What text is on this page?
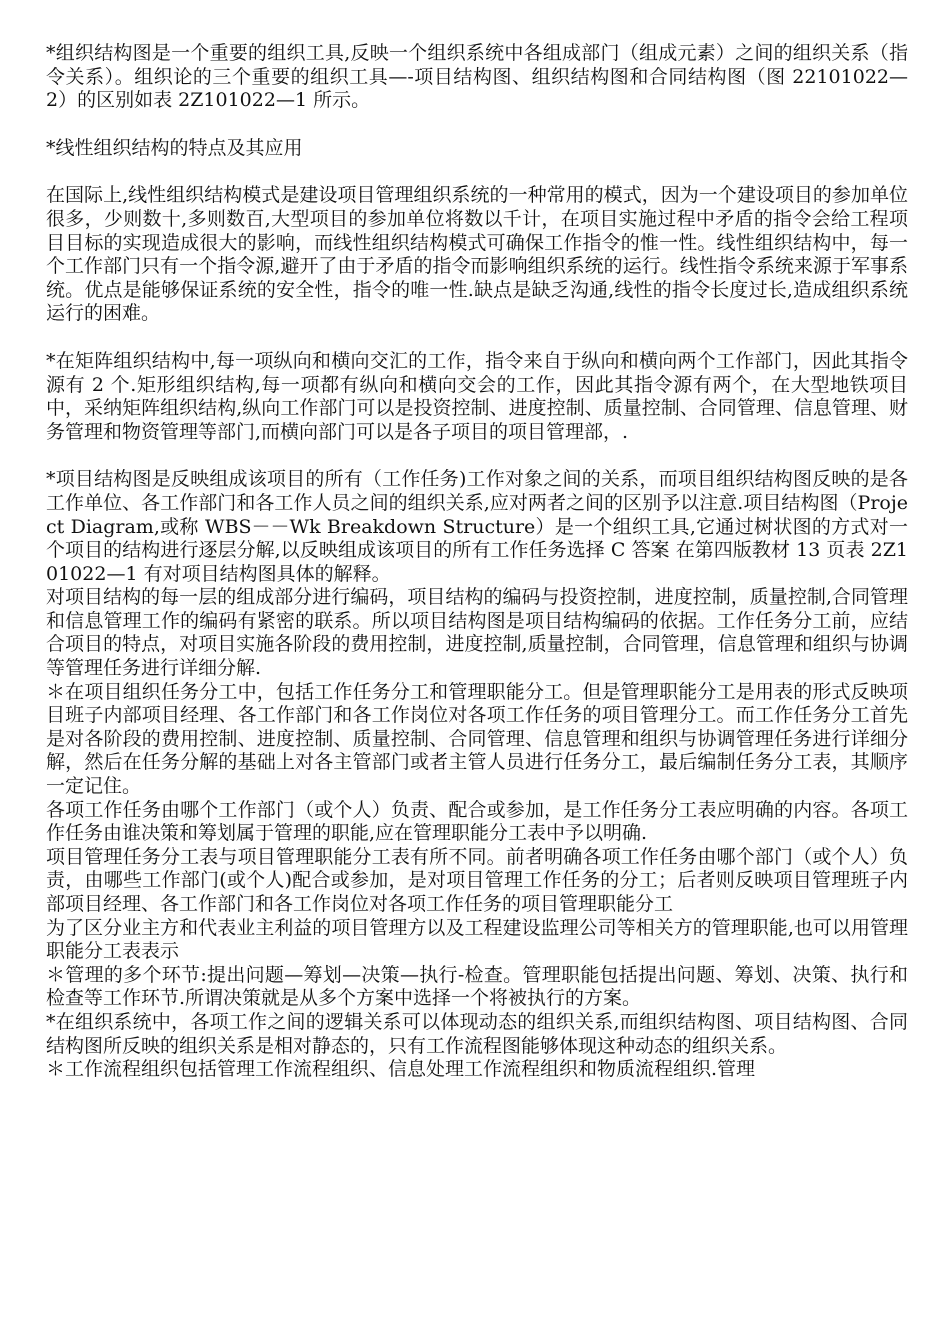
*组织结构图是一个重要的组织工具,反映一个组织系统中各组成部门（组成元素）之间的组织关系（指令关系）。组织论的三个重要的组织工具—-项目结构图、组织结构图和合同结构图（图 22101022—2）的区别如表 2Z101022—1 所示。

*线性组织结构的特点及其应用

在国际上,线性组织结构模式是建设项目管理组织系统的一种常用的模式，因为一个建设项目的参加单位很多，少则数十,多则数百,大型项目的参加单位将数以千计，在项目实施过程中矛盾的指令会给工程项目目标的实现造成很大的影响，而线性组织结构模式可确保工作指令的惟一性。线性组织结构中，每一个工作部门只有一个指令源,避开了由于矛盾的指令而影响组织系统的运行。线性指令系统来源于军事系统。优点是能够保证系统的安全性，指令的唯一性.缺点是缺乏沟通,线性的指令长度过长,造成组织系统运行的困难。

*在矩阵组织结构中,每一项纵向和横向交汇的工作，指令来自于纵向和横向两个工作部门，因此其指令源有 2 个.矩形组织结构,每一项都有纵向和横向交会的工作，因此其指令源有两个，在大型地铁项目中，采纳矩阵组织结构,纵向工作部门可以是投资控制、进度控制、质量控制、合同管理、信息管理、财务管理和物资管理等部门,而横向部门可以是各子项目的项目管理部，.

*项目结构图是反映组成该项目的所有（工作任务)工作对象之间的关系，而项目组织结构图反映的是各工作单位、各工作部门和各工作人员之间的组织关系,应对两者之间的区别予以注意.项目结构图（Project Diagram,或称 WBS－－Wk Breakdown Structure）是一个组织工具,它通过树状图的方式对一个项目的结构进行逐层分解,以反映组成该项目的所有工作任务选择 C 答案 在第四版教材 13 页表 2Z101022—1 有对项目结构图具体的解释。

对项目结构的每一层的组成部分进行编码，项目结构的编码与投资控制，进度控制，质量控制,合同管理和信息管理工作的编码有紧密的联系。所以项目结构图是项目结构编码的依据。工作任务分工前，应结合项目的特点，对项目实施各阶段的费用控制，进度控制,质量控制，合同管理，信息管理和组织与协调等管理任务进行详细分解.

＊在项目组织任务分工中，包括工作任务分工和管理职能分工。但是管理职能分工是用表的形式反映项目班子内部项目经理、各工作部门和各工作岗位对各项工作任务的项目管理分工。而工作任务分工首先是对各阶段的费用控制、进度控制、质量控制、合同管理、信息管理和组织与协调管理任务进行详细分解，然后在任务分解的基础上对各主管部门或者主管人员进行任务分工，最后编制任务分工表，其顺序一定记住。

各项工作任务由哪个工作部门（或个人）负责、配合或参加，是工作任务分工表应明确的内容。各项工作任务由谁决策和筹划属于管理的职能,应在管理职能分工表中予以明确.

项目管理任务分工表与项目管理职能分工表有所不同。前者明确各项工作任务由哪个部门（或个人）负责，由哪些工作部门(或个人)配合或参加，是对项目管理工作任务的分工；后者则反映项目管理班子内部项目经理、各工作部门和各工作岗位对各项工作任务的项目管理职能分工

为了区分业主方和代表业主利益的项目管理方以及工程建设监理公司等相关方的管理职能,也可以用管理职能分工表表示

＊管理的多个环节:提出问题—筹划—决策—执行-检查。管理职能包括提出问题、筹划、决策、执行和检查等工作环节.所谓决策就是从多个方案中选择一个将被执行的方案。

*在组织系统中，各项工作之间的逻辑关系可以体现动态的组织关系,而组织结构图、项目结构图、合同结构图所反映的组织关系是相对静态的，只有工作流程图能够体现这种动态的组织关系。

＊工作流程组织包括管理工作流程组织、信息处理工作流程组织和物质流程组织.管理
